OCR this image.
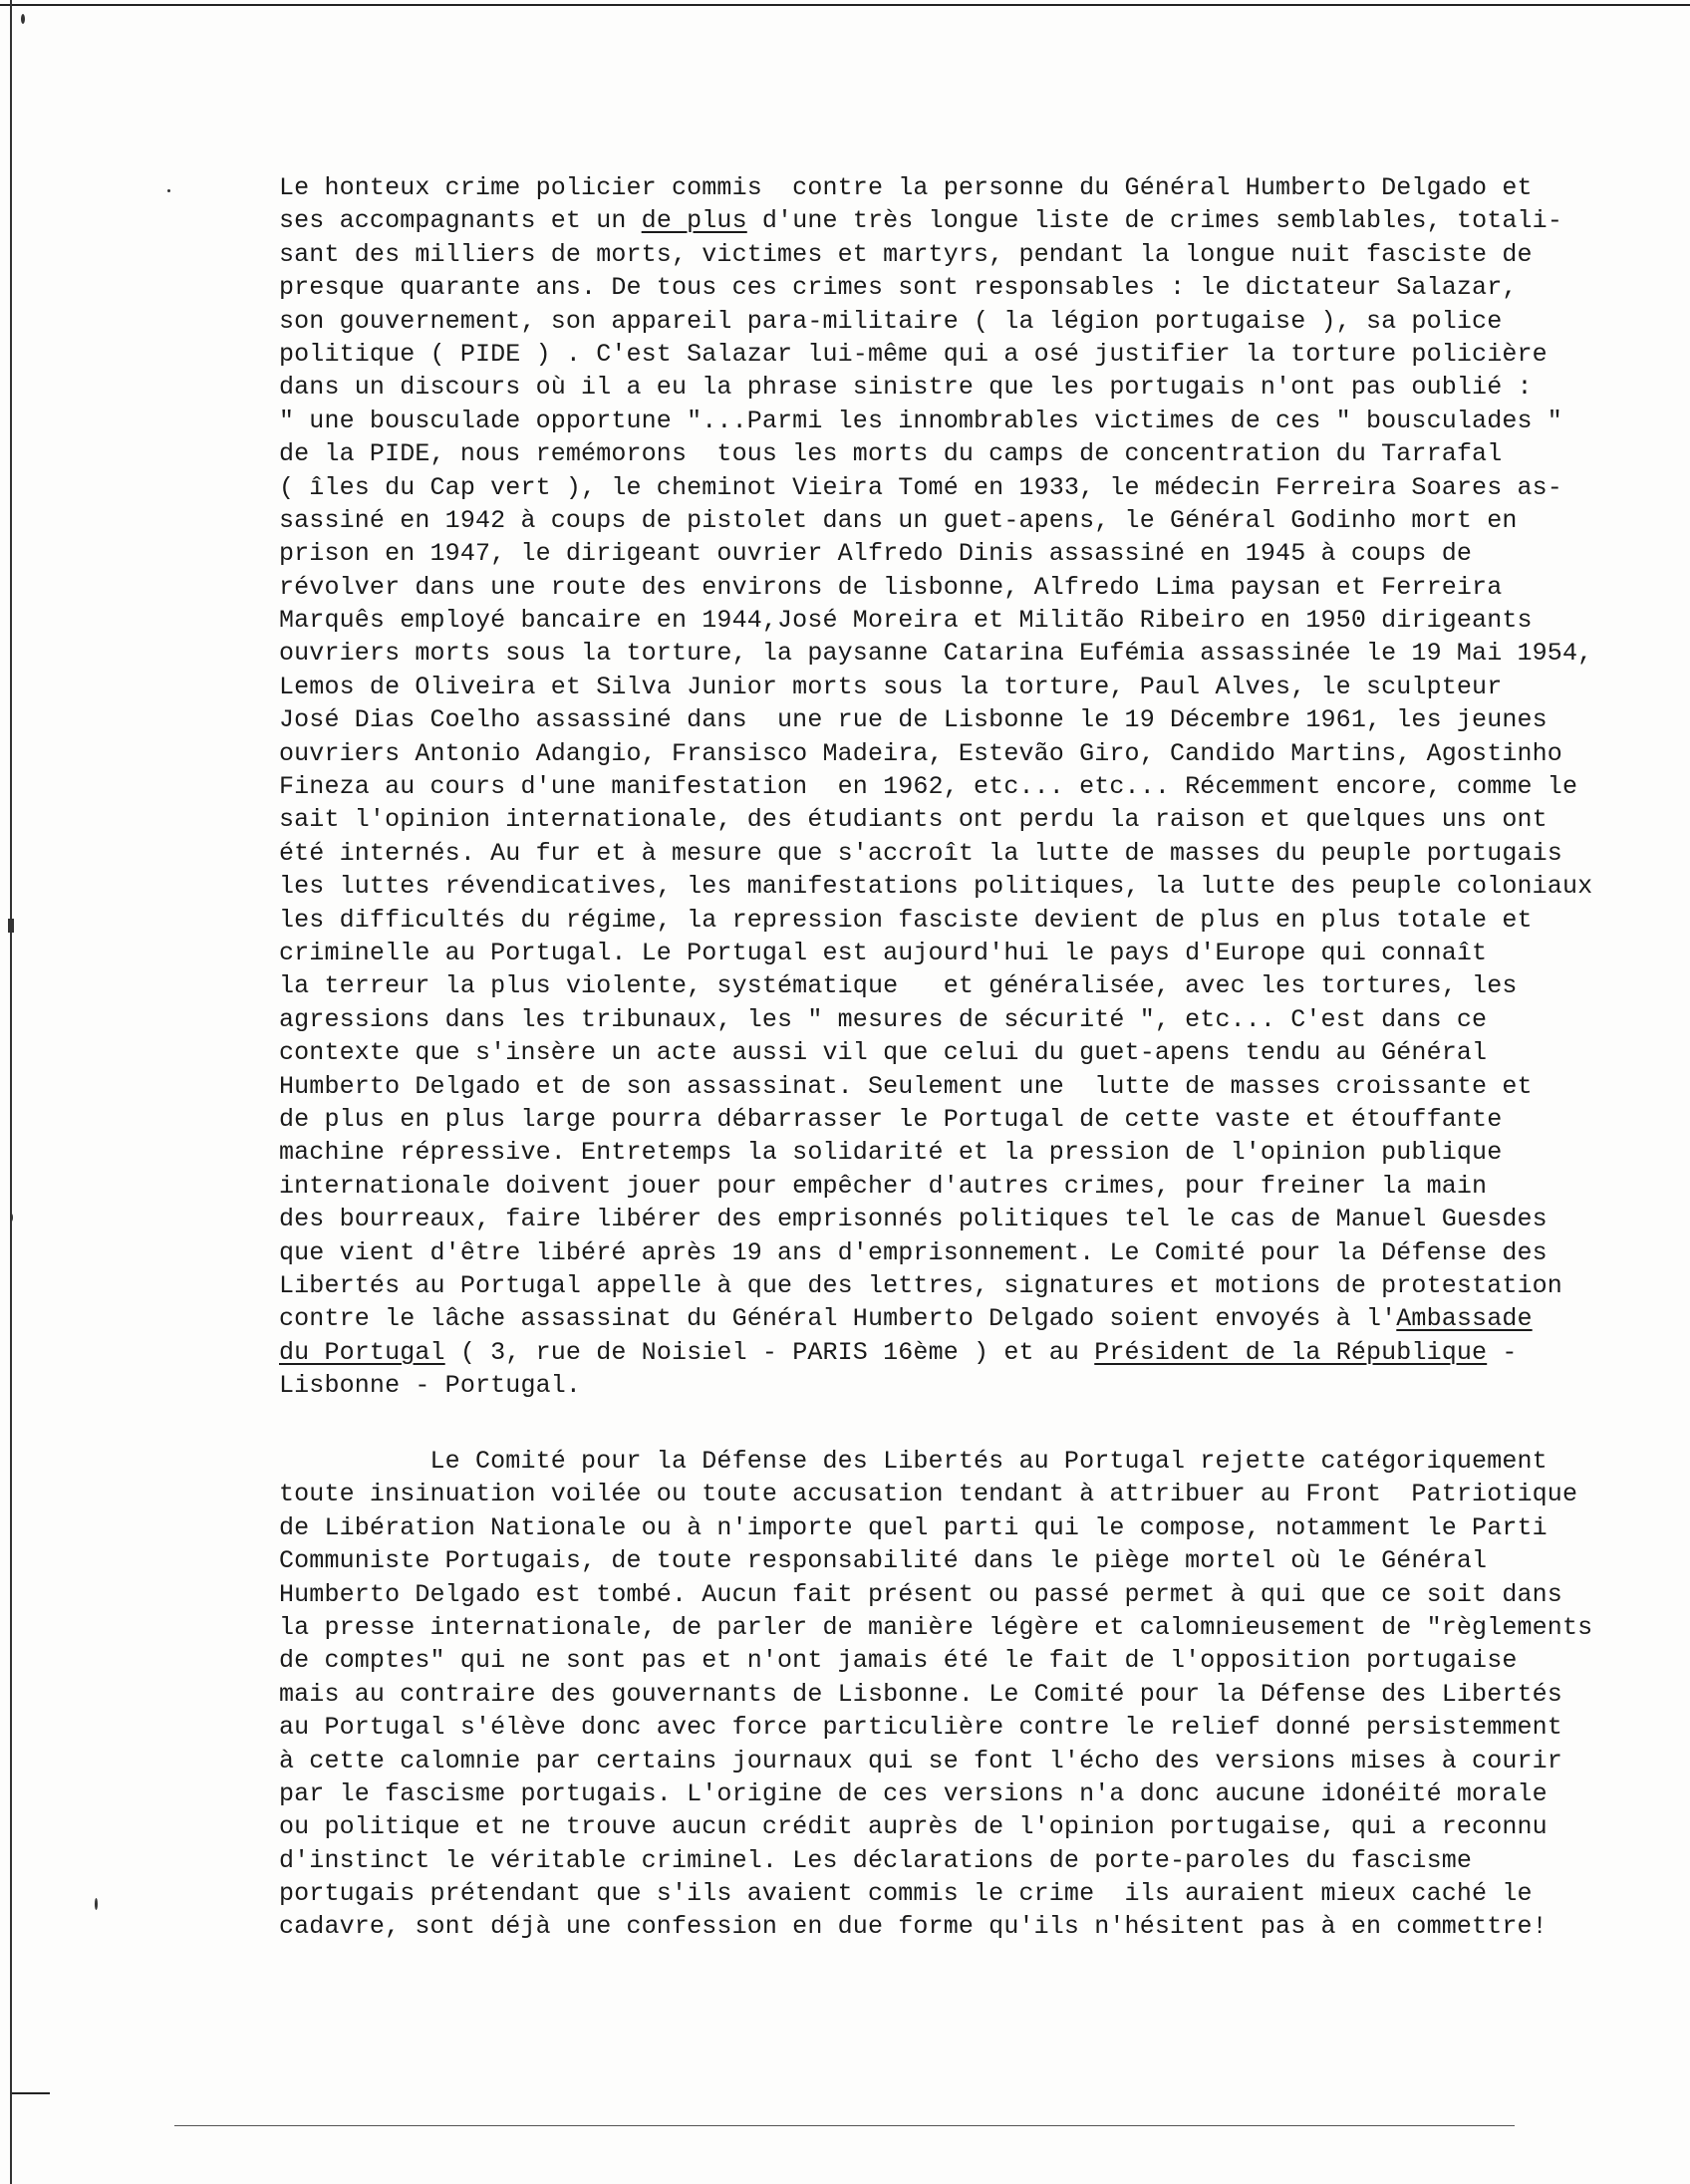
Le honteux crime policier commis  contre la personne du Général Humberto Delgado et
ses accompagnants et un de plus d'une très longue liste de crimes semblables, totali-
sant des milliers de morts, victimes et martyrs, pendant la longue nuit fasciste de
presque quarante ans. De tous ces crimes sont responsables : le dictateur Salazar,
son gouvernement, son appareil para-militaire ( la légion portugaise ), sa police
politique ( PIDE ) . C'est Salazar lui-même qui a osé justifier la torture policière
dans un discours où il a eu la phrase sinistre que les portugais n'ont pas oublié :
" une bousculade opportune "...Parmi les innombrables victimes de ces " bousculades "
de la PIDE, nous remémorons  tous les morts du camps de concentration du Tarrafal
( îles du Cap vert ), le cheminot Vieira Tomé en 1933, le médecin Ferreira Soares as-
sassiné en 1942 à coups de pistolet dans un guet-apens, le Général Godinho mort en
prison en 1947, le dirigeant ouvrier Alfredo Dinis assassiné en 1945 à coups de
révolver dans une route des environs de lisbonne, Alfredo Lima paysan et Ferreira
Marquês employé bancaire en 1944,José Moreira et Militão Ribeiro en 1950 dirigeants
ouvriers morts sous la torture, la paysanne Catarina Eufémia assassinée le 19 Mai 1954,
Lemos de Oliveira et Silva Junior morts sous la torture, Paul Alves, le sculpteur
José Dias Coelho assassiné dans  une rue de Lisbonne le 19 Décembre 1961, les jeunes
ouvriers Antonio Adangio, Fransisco Madeira, Estevão Giro, Candido Martins, Agostinho
Fineza au cours d'une manifestation  en 1962, etc... etc... Récemment encore, comme le
sait l'opinion internationale, des étudiants ont perdu la raison et quelques uns ont
été internés. Au fur et à mesure que s'accroît la lutte de masses du peuple portugais
les luttes révendicatives, les manifestations politiques, la lutte des peuple coloniaux
les difficultés du régime, la repression fasciste devient de plus en plus totale et
criminelle au Portugal. Le Portugal est aujourd'hui le pays d'Europe qui connaît
la terreur la plus violente, systématique   et généralisée, avec les tortures, les
agressions dans les tribunaux, les " mesures de sécurité ", etc... C'est dans ce
contexte que s'insère un acte aussi vil que celui du guet-apens tendu au Général
Humberto Delgado et de son assassinat. Seulement une  lutte de masses croissante et
de plus en plus large pourra débarrasser le Portugal de cette vaste et étouffante
machine répressive. Entretemps la solidarité et la pression de l'opinion publique
internationale doivent jouer pour empêcher d'autres crimes, pour freiner la main
des bourreaux, faire libérer des emprisonnés politiques tel le cas de Manuel Guesdes
que vient d'être libéré après 19 ans d'emprisonnement. Le Comité pour la Défense des
Libertés au Portugal appelle à que des lettres, signatures et motions de protestation
contre le lâche assassinat du Général Humberto Delgado soient envoyés à l'Ambassade
du Portugal ( 3, rue de Noisiel - PARIS 16ème ) et au Président de la République -
Lisbonne - Portugal.
Le Comité pour la Défense des Libertés au Portugal rejette catégoriquement
toute insinuation voilée ou toute accusation tendant à attribuer au Front  Patriotique
de Libération Nationale ou à n'importe quel parti qui le compose, notamment le Parti
Communiste Portugais, de toute responsabilité dans le piège mortel où le Général
Humberto Delgado est tombé. Aucun fait présent ou passé permet à qui que ce soit dans
la presse internationale, de parler de manière légère et calomnieusement de "règlements
de comptes" qui ne sont pas et n'ont jamais été le fait de l'opposition portugaise
mais au contraire des gouvernants de Lisbonne. Le Comité pour la Défense des Libertés
au Portugal s'élève donc avec force particulière contre le relief donné persistemment
à cette calomnie par certains journaux qui se font l'écho des versions mises à courir
par le fascisme portugais. L'origine de ces versions n'a donc aucune idonéité morale
ou politique et ne trouve aucun crédit auprès de l'opinion portugaise, qui a reconnu
d'instinct le véritable criminel. Les déclarations de porte-paroles du fascisme
portugais prétendant que s'ils avaient commis le crime  ils auraient mieux caché le
cadavre, sont déjà une confession en due forme qu'ils n'hésitent pas à en commettre!
